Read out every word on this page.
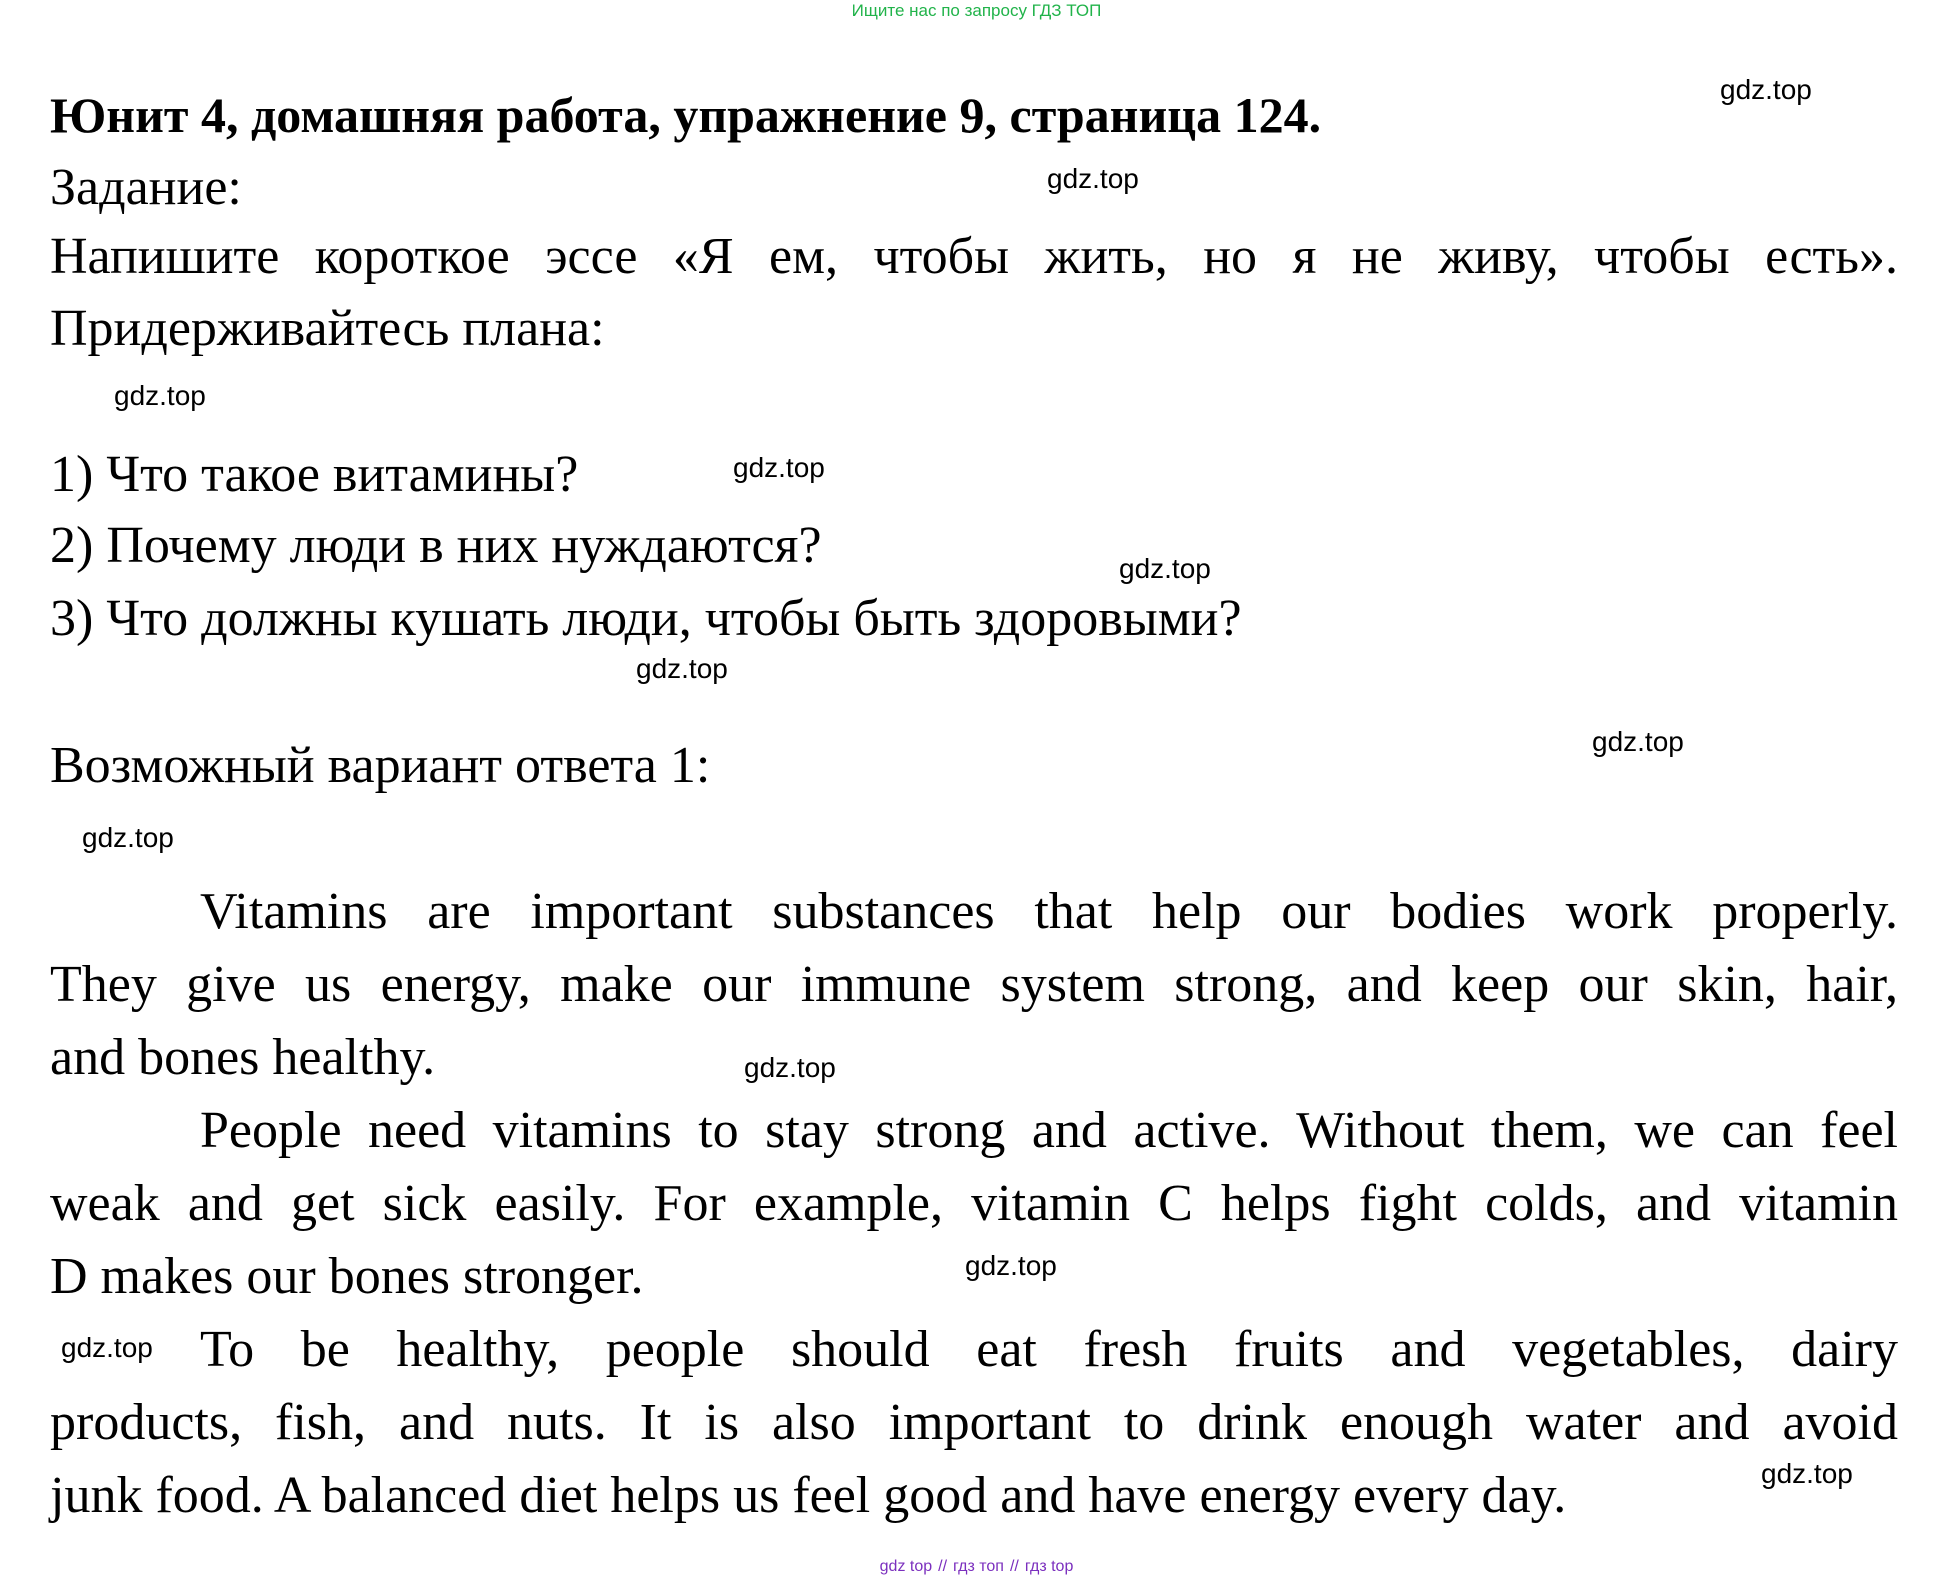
Ищите нас по запросу ГДЗ ТОП
Юнит 4, домашняя работа, упражнение 9, страница 124.
Задание:
Напишите короткое эссе «Я ем, чтобы жить, но я не живу, чтобы есть».
Придерживайтесь плана:
1) Что такое витамины?
2) Почему люди в них нуждаются?
3) Что должны кушать люди, чтобы быть здоровыми?
Возможный вариант ответа 1:
Vitamins are important substances that help our bodies work properly.
They give us energy, make our immune system strong, and keep our skin, hair,
and bones healthy.
People need vitamins to stay strong and active. Without them, we can feel
weak and get sick easily. For example, vitamin C helps fight colds, and vitamin
D makes our bones stronger.
To be healthy, people should eat fresh fruits and vegetables, dairy
products, fish, and nuts. It is also important to drink enough water and avoid
junk food. A balanced diet helps us feel good and have energy every day.
gdz.top
gdz.top
gdz.top
gdz.top
gdz.top
gdz.top
gdz.top
gdz.top
gdz.top
gdz.top
gdz.top
gdz.top
gdz top // гдз топ // гдз top
